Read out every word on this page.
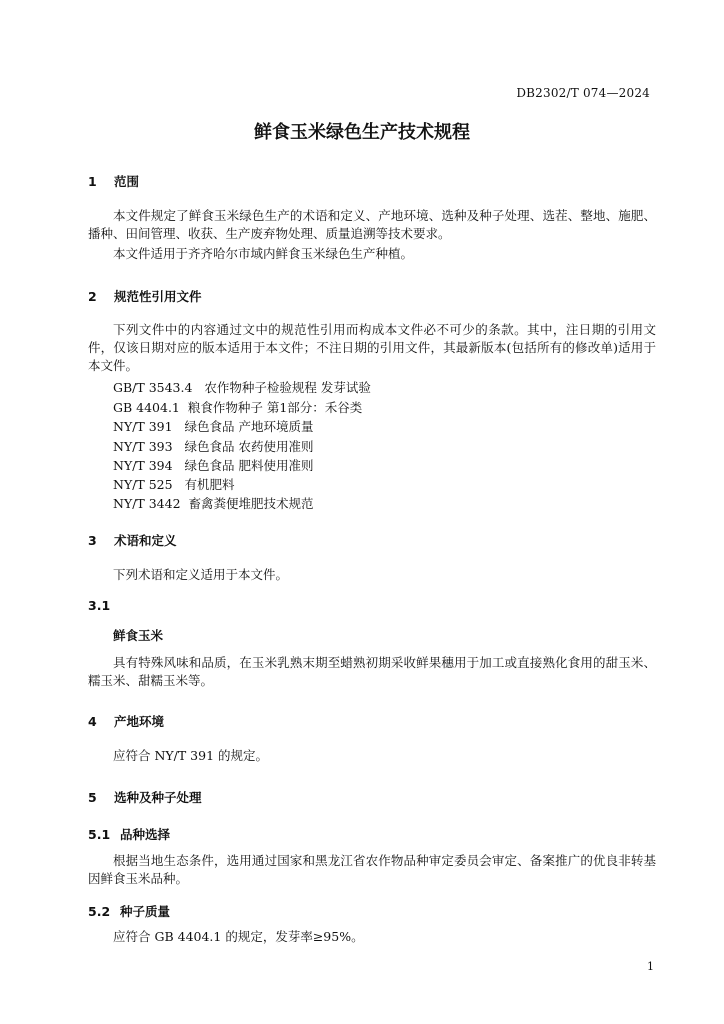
DB2302/T 074—2024
鲜食玉米绿色生产技术规程
1 范围
本文件规定了鲜食玉米绿色生产的术语和定义、产地环境、选种及种子处理、选茬、整地、施肥、播种、田间管理、收获、生产废弃物处理、质量追溯等技术要求。
本文件适用于齐齐哈尔市域内鲜食玉米绿色生产种植。
2 规范性引用文件
下列文件中的内容通过文中的规范性引用而构成本文件必不可少的条款。其中，注日期的引用文件，仅该日期对应的版本适用于本文件；不注日期的引用文件，其最新版本(包括所有的修改单)适用于本文件。
GB/T 3543.4 农作物种子检验规程 发芽试验
GB 4404.1 粮食作物种子 第1部分：禾谷类
NY/T 391 绿色食品 产地环境质量
NY/T 393 绿色食品 农药使用准则
NY/T 394 绿色食品 肥料使用准则
NY/T 525 有机肥料
NY/T 3442 畜禽粪便堆肥技术规范
3 术语和定义
下列术语和定义适用于本文件。
3.1
鲜食玉米
具有特殊风味和品质，在玉米乳熟末期至蜡熟初期采收鲜果穗用于加工或直接熟化食用的甜玉米、糯玉米、甜糯玉米等。
4 产地环境
应符合 NY/T 391 的规定。
5 选种及种子处理
5.1 品种选择
根据当地生态条件，选用通过国家和黑龙江省农作物品种审定委员会审定、备案推广的优良非转基因鲜食玉米品种。
5.2 种子质量
应符合 GB 4404.1 的规定，发芽率≥95%。
1
